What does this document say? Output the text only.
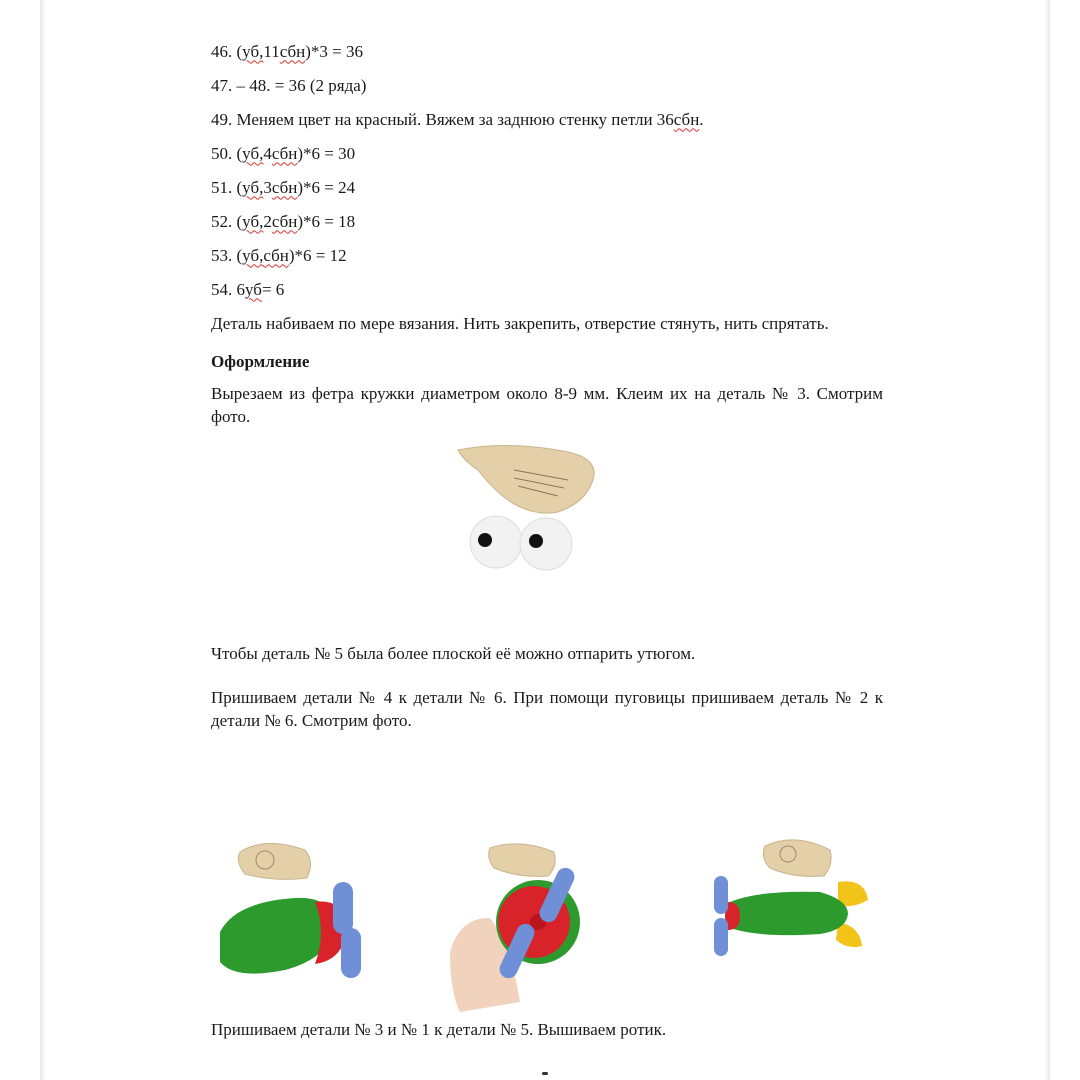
46. ( уб, 11 сбн )*3 = 36
47. – 48. = 36 (2 ряда)
49. Меняем цвет на красный. Вяжем за заднюю стенку петли 36 сбн .
50. ( уб, 4 сбн )*6 = 30
51. ( уб, 3 сбн )*6 = 24
52. ( уб, 2 сбн )*6 = 18
53. ( уб, сбн )*6 = 12
54. 6 уб = 6

Деталь набиваем по мере вязания. Нить закрепить, отверстие стянуть, нить спрятать.

Оформление

Вырезаем из фетра кружки диаметром около 8-9 мм. Клеим их на деталь № 3. Смотрим фото.

Чтобы деталь № 5 была более плоской её можно отпарить утюгом.

Пришиваем детали № 4 к детали № 6. При помощи пуговицы пришиваем деталь № 2 к детали № 6. Смотрим фото.

Пришиваем детали № 3 и № 1 к детали № 5. Вышиваем ротик.
